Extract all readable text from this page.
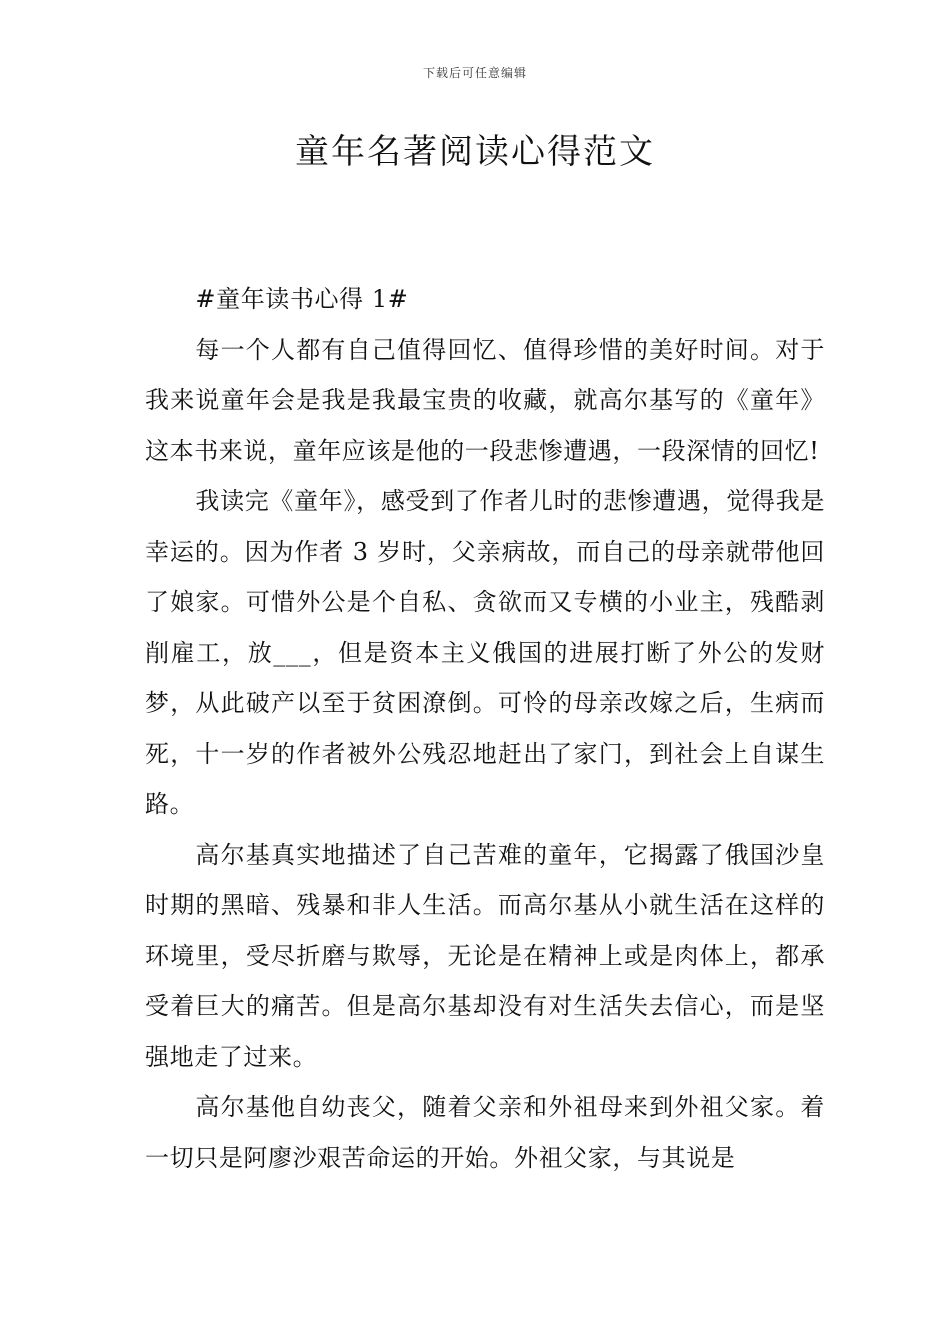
下载后可任意编辑
童年名著阅读心得范文

#童年读书心得 1#

每一个人都有自己值得回忆、值得珍惜的美好时间。对于我来说童年会是我是我最宝贵的收藏，就高尔基写的《童年》这本书来说，童年应该是他的一段悲惨遭遇，一段深情的回忆!

我读完《童年》，感受到了作者儿时的悲惨遭遇，觉得我是幸运的。因为作者 3 岁时，父亲病故，而自己的母亲就带他回了娘家。可惜外公是个自私、贪欲而又专横的小业主，残酷剥削雇工，放___，但是资本主义俄国的进展打断了外公的发财梦，从此破产以至于贫困潦倒。可怜的母亲改嫁之后，生病而死，十一岁的作者被外公残忍地赶出了家门，到社会上自谋生路。

高尔基真实地描述了自己苦难的童年，它揭露了俄国沙皇时期的黑暗、残暴和非人生活。而高尔基从小就生活在这样的环境里，受尽折磨与欺辱，无论是在精神上或是肉体上，都承受着巨大的痛苦。但是高尔基却没有对生活失去信心，而是坚强地走了过来。

高尔基他自幼丧父，随着父亲和外祖母来到外祖父家。着一切只是阿廖沙艰苦命运的开始。外祖父家，与其说是
